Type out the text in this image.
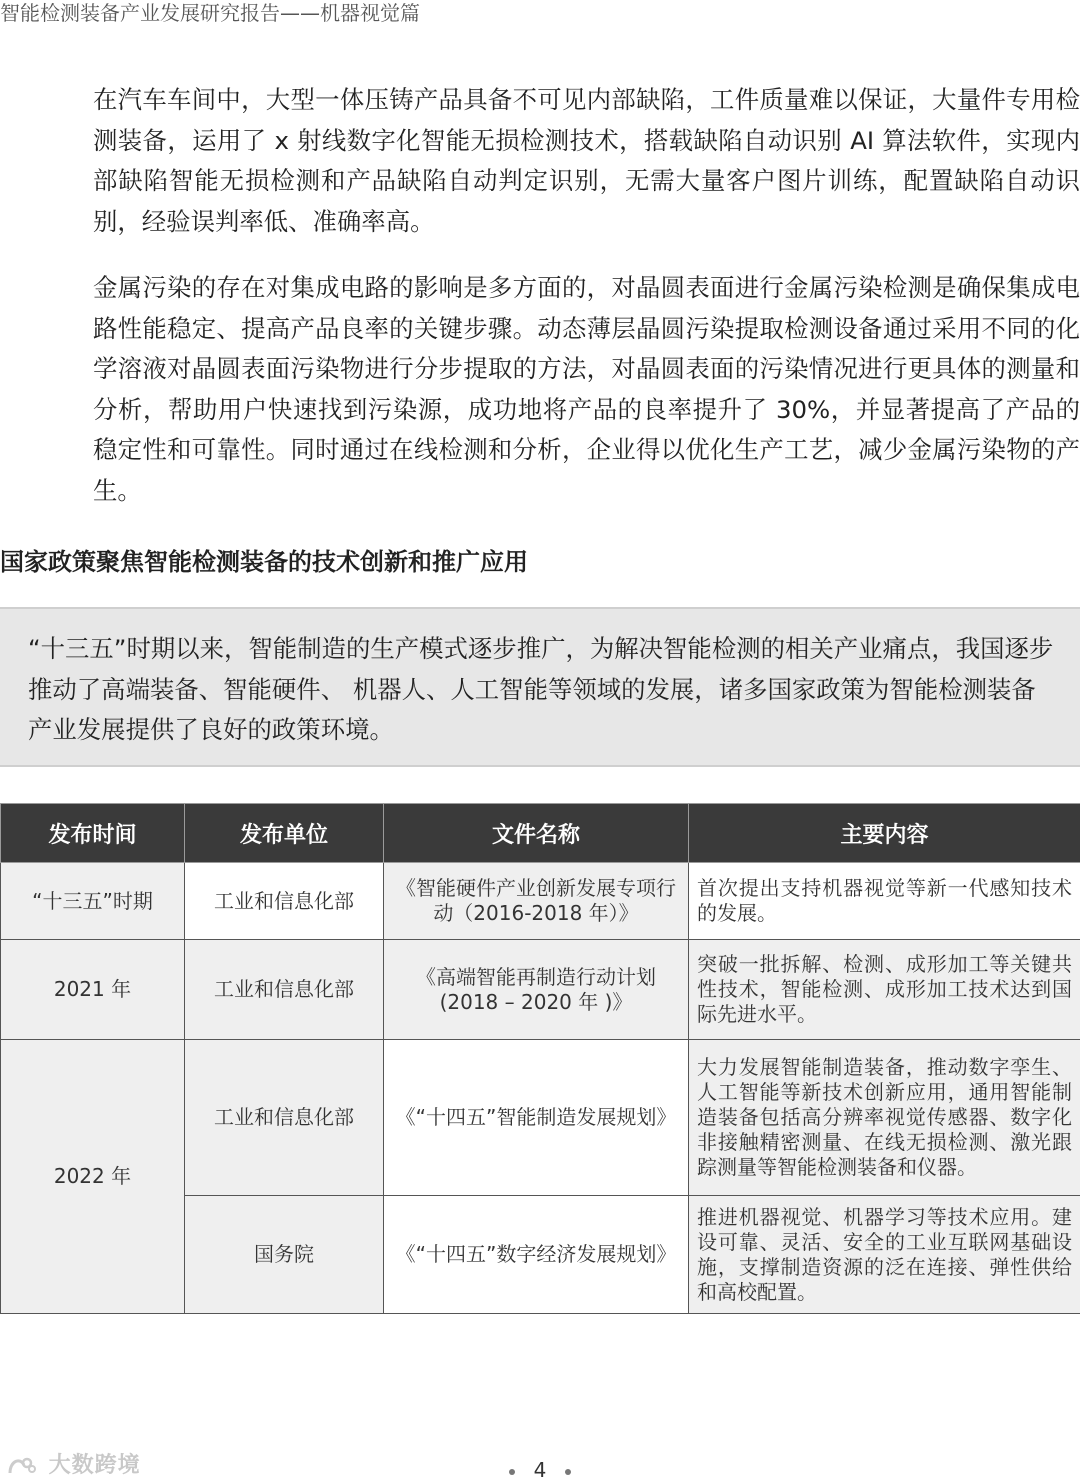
智能检测装备产业发展研究报告——机器视觉篇

在汽车车间中，大型一体压铸产品具备不可见内部缺陷，工件质量难以保证，大量件专用检测装备，运用了 x 射线数字化智能无损检测技术，搭载缺陷自动识别 AI 算法软件，实现内部缺陷智能无损检测和产品缺陷自动判定识别，无需大量客户图片训练，配置缺陷自动识别，经验误判率低、准确率高。

金属污染的存在对集成电路的影响是多方面的，对晶圆表面进行金属污染检测是确保集成电路性能稳定、提高产品良率的关键步骤。动态薄层晶圆污染提取检测设备通过采用不同的化学溶液对晶圆表面污染物进行分步提取的方法，对晶圆表面的污染情况进行更具体的测量和分析，帮助用户快速找到污染源，成功地将产品的良率提升了 30%，并显著提高了产品的稳定性和可靠性。同时通过在线检测和分析，企业得以优化生产工艺，减少金属污染物的产生。

国家政策聚焦智能检测装备的技术创新和推广应用

“十三五”时期以来，智能制造的生产模式逐步推广，为解决智能检测的相关产业痛点，我国逐步推动了高端装备、智能硬件、 机器人、人工智能等领域的发展，诸多国家政策为智能检测装备产业发展提供了良好的政策环境。

发布时间	发布单位	文件名称	主要内容
“十三五”时期	工业和信息化部	《智能硬件产业创新发展专项行动（2016-2018 年）》	首次提出支持机器视觉等新一代感知技术的发展。
2021 年	工业和信息化部	《高端智能再制造行动计划 (2018 – 2020 年 )》	突破一批拆解、检测、成形加工等关键共性技术，智能检测、成形加工技术达到国际先进水平。
2022 年	工业和信息化部	《“十四五”智能制造发展规划》	大力发展智能制造装备，推动数字孪生、人工智能等新技术创新应用，通用智能制造装备包括高分辨率视觉传感器、数字化非接触精密测量、在线无损检测、激光跟踪测量等智能检测装备和仪器。
	国务院	《“十四五”数字经济发展规划》	推进机器视觉、机器学习等技术应用。建设可靠、灵活、安全的工业互联网基础设施，支撑制造资源的泛在连接、弹性供给和高校配置。
大数跨境	4
